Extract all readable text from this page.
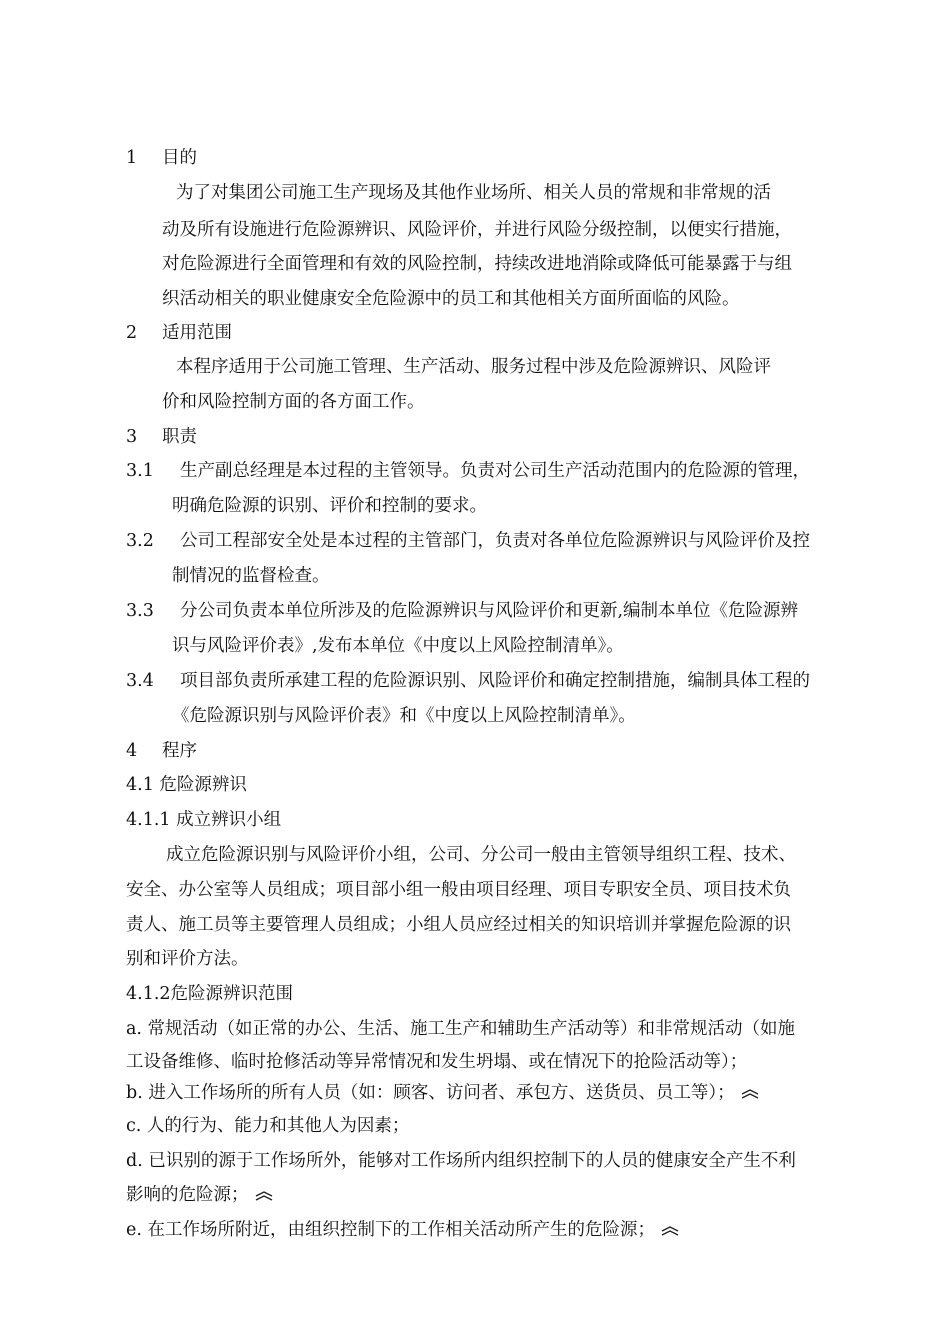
1 目的
为了对集团公司施工生产现场及其他作业场所、相关人员的常规和非常规的活
动及所有设施进行危险源辨识、风险评价，并进行风险分级控制，以便实行措施，
对危险源进行全面管理和有效的风险控制，持续改进地消除或降低可能暴露于与组
织活动相关的职业健康安全危险源中的员工和其他相关方面所面临的风险。
2 适用范围
本程序适用于公司施工管理、生产活动、服务过程中涉及危险源辨识、风险评
价和风险控制方面的各方面工作。
3 职责
3.1 生产副总经理是本过程的主管领导。负责对公司生产活动范围内的危险源的管理，
明确危险源的识别、评价和控制的要求。
3.2 公司工程部安全处是本过程的主管部门，负责对各单位危险源辨识与风险评价及控
制情况的监督检查。
3.3 分公司负责本单位所涉及的危险源辨识与风险评价和更新,编制本单位《危险源辨
识与风险评价表》,发布本单位《中度以上风险控制清单》。
3.4 项目部负责所承建工程的危险源识别、风险评价和确定控制措施，编制具体工程的
《危险源识别与风险评价表》和《中度以上风险控制清单》。
4 程序
4.1 危险源辨识
4.1.1 成立辨识小组
成立危险源识别与风险评价小组，公司、分公司一般由主管领导组织工程、技术、
安全、办公室等人员组成；项目部小组一般由项目经理、项目专职安全员、项目技术负
责人、施工员等主要管理人员组成；小组人员应经过相关的知识培训并掌握危险源的识
别和评价方法。
4.1.2危险源辨识范围
a. 常规活动（如正常的办公、生活、施工生产和辅助生产活动等）和非常规活动（如施
工设备维修、临时抢修活动等异常情况和发生坍塌、或在情况下的抢险活动等）；
b. 进入工作场所的所有人员（如：顾客、访问者、承包方、送货员、员工等）；
c. 人的行为、能力和其他人为因素；
d. 已识别的源于工作场所外，能够对工作场所内组织控制下的人员的健康安全产生不利
影响的危险源；
e. 在工作场所附近，由组织控制下的工作相关活动所产生的危险源；
